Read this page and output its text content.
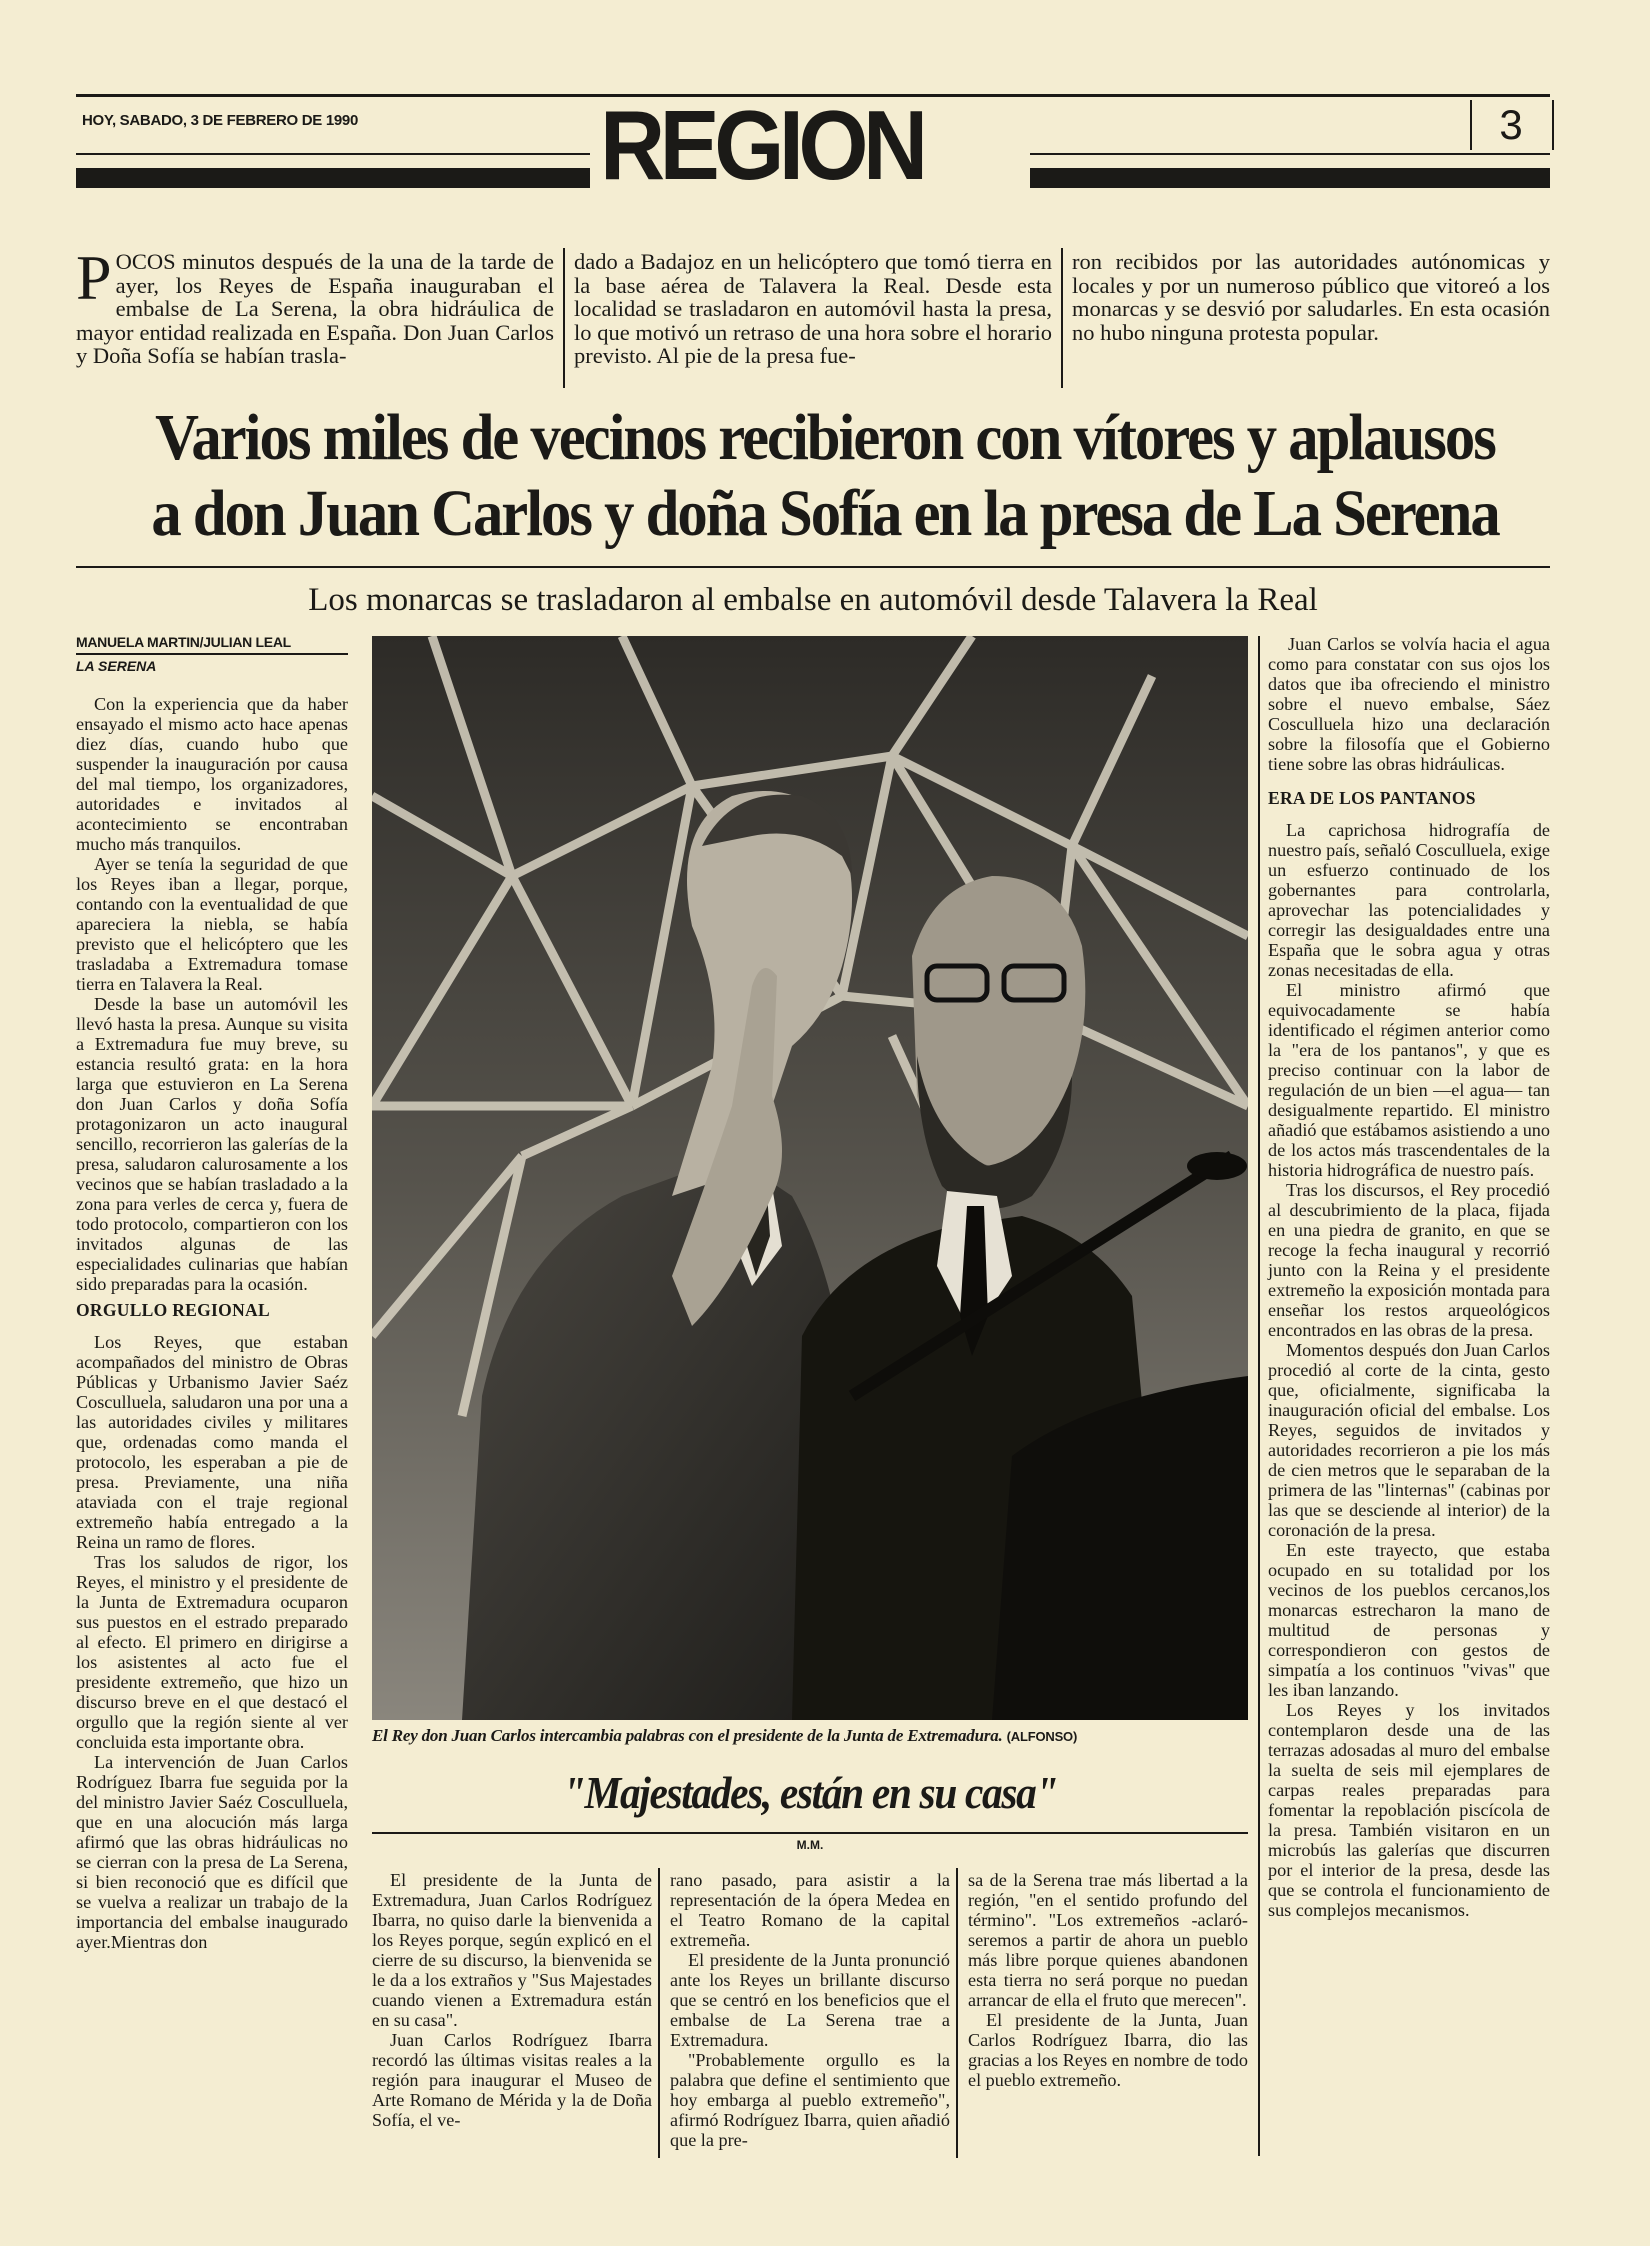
HOY, SABADO, 3 DE FEBRERO DE 1990 REGION	3
POCOS minutos después de la una de la tarde de ayer, los Reyes de España inauguraban el embalse de La Serena, la obra hidráulica de mayor entidad realizada en España. Don Juan Carlos y Doña Sofía se habían trasla-
dado a Badajoz en un helicóptero que tomó tierra en la base aérea de Talavera la Real. Desde esta localidad se trasladaron en automóvil hasta la presa, lo que motivó un retraso de una hora sobre el horario previsto. Al pie de la presa fue-
ron recibidos por las autoridades autónomicas y locales y por un numeroso público que vitoreó a los monarcas y se desvió por saludarles. En esta ocasión no hubo ninguna protesta popular.
Varios miles de vecinos recibieron con vítores y aplausos
a don Juan Carlos y doña Sofía en la presa de La Serena
Los monarcas se trasladaron al embalse en automóvil desde Talavera la Real
MANUELA MARTIN/JULIAN LEAL
LA SERENA

Con la experiencia que da haber ensayado el mismo acto hace apenas diez días, cuando hubo que suspender la inauguración por causa del mal tiempo, los organizadores, autoridades e invitados al acontecimiento se encontraban mucho más tranquilos.

Ayer se tenía la seguridad de que los Reyes iban a llegar, porque, contando con la eventualidad de que apareciera la niebla, se había previsto que el helicóptero que les trasladaba a Extremadura tomase tierra en Talavera la Real.

Desde la base un automóvil les llevó hasta la presa. Aunque su visita a Extremadura fue muy breve, su estancia resultó grata: en la hora larga que estuvieron en La Serena don Juan Carlos y doña Sofía protagonizaron un acto inaugural sencillo, recorrieron las galerías de la presa, saludaron calurosamente a los vecinos que se habían trasladado a la zona para verles de cerca y, fuera de todo protocolo, compartieron con los invitados algunas de las especialidades culinarias que habían sido preparadas para la ocasión.

ORGULLO REGIONAL

Los Reyes, que estaban acompañados del ministro de Obras Públicas y Urbanismo Javier Saéz Cosculluela, saludaron una por una a las autoridades civiles y militares que, ordenadas como manda el protocolo, les esperaban a pie de presa. Previamente, una niña ataviada con el traje regional extremeño había entregado a la Reina un ramo de flores.

Tras los saludos de rigor, los Reyes, el ministro y el presidente de la Junta de Extremadura ocuparon sus puestos en el estrado preparado al efecto. El primero en dirigirse a los asistentes al acto fue el presidente extremeño, que hizo un discurso breve en el que destacó el orgullo que la región siente al ver concluida esta importante obra.

La intervención de Juan Carlos Rodríguez Ibarra fue seguida por la del ministro Javier Saéz Cosculluela, que en una alocución más larga afirmó que las obras hidráulicas no se cierran con la presa de La Serena, si bien reconoció que es difícil que se vuelva a realizar un trabajo de la importancia del embalse inaugurado ayer.Mientras don

El Rey don Juan Carlos intercambia palabras con el presidente de la Junta de Extremadura. (ALFONSO)
"Majestades, están en su casa"
M.M.

El presidente de la Junta de Extremadura, Juan Carlos Rodríguez Ibarra, no quiso darle la bienvenida a los Reyes porque, según explicó en el cierre de su discurso, la bienvenida se le da a los extraños y "Sus Majestades cuando vienen a Extremadura están en su casa".

Juan Carlos Rodríguez Ibarra recordó las últimas visitas reales a la región para inaugurar el Museo de Arte Romano de Mérida y la de Doña Sofía, el ve-

rano pasado, para asistir a la representación de la ópera Medea en el Teatro Romano de la capital extremeña.

El presidente de la Junta pronunció ante los Reyes un brillante discurso que se centró en los beneficios que el embalse de La Serena trae a Extremadura.

"Probablemente orgullo es la palabra que define el sentimiento que hoy embarga al pueblo extremeño", afirmó Rodríguez Ibarra, quien añadió que la pre-

sa de la Serena trae más libertad a la región, "en el sentido profundo del término". "Los extremeños -aclaró- seremos a partir de ahora un pueblo más libre porque quienes abandonen esta tierra no será porque no puedan arrancar de ella el fruto que merecen".

El presidente de la Junta, Juan Carlos Rodríguez Ibarra, dio las gracias a los Reyes en nombre de todo el pueblo extremeño.

Juan Carlos se volvía hacia el agua como para constatar con sus ojos los datos que iba ofreciendo el ministro sobre el nuevo embalse, Sáez Cosculluela hizo una declaración sobre la filosofía que el Gobierno tiene sobre las obras hidráulicas.

ERA DE LOS PANTANOS

La caprichosa hidrografía de nuestro país, señaló Cosculluela, exige un esfuerzo continuado de los gobernantes para controlarla, aprovechar las potencialidades y corregir las desigualdades entre una España que le sobra agua y otras zonas necesitadas de ella.

El ministro afirmó que equivocadamente se había identificado el régimen anterior como la "era de los pantanos", y que es preciso continuar con la labor de regulación de un bien —el agua— tan desigualmente repartido. El ministro añadió que estábamos asistiendo a uno de los actos más trascendentales de la historia hidrográfica de nuestro país.

Tras los discursos, el Rey procedió al descubrimiento de la placa, fijada en una piedra de granito, en que se recoge la fecha inaugural y recorrió junto con la Reina y el presidente extremeño la exposición montada para enseñar los restos arqueológicos encontrados en las obras de la presa.

Momentos después don Juan Carlos procedió al corte de la cinta, gesto que, oficialmente, significaba la inauguración oficial del embalse. Los Reyes, seguidos de invitados y autoridades recorrieron a pie los más de cien metros que le separaban de la primera de las "linternas" (cabinas por las que se desciende al interior) de la coronación de la presa.

En este trayecto, que estaba ocupado en su totalidad por los vecinos de los pueblos cercanos,los monarcas estrecharon la mano de multitud de personas y correspondieron con gestos de simpatía a los continuos "vivas" que les iban lanzando.

Los Reyes y los invitados contemplaron desde una de las terrazas adosadas al muro del embalse la suelta de seis mil ejemplares de carpas reales preparadas para fomentar la repoblación piscícola de la presa. También visitaron en un microbús las galerías que discurren por el interior de la presa, desde las que se controla el funcionamiento de sus complejos mecanismos.
